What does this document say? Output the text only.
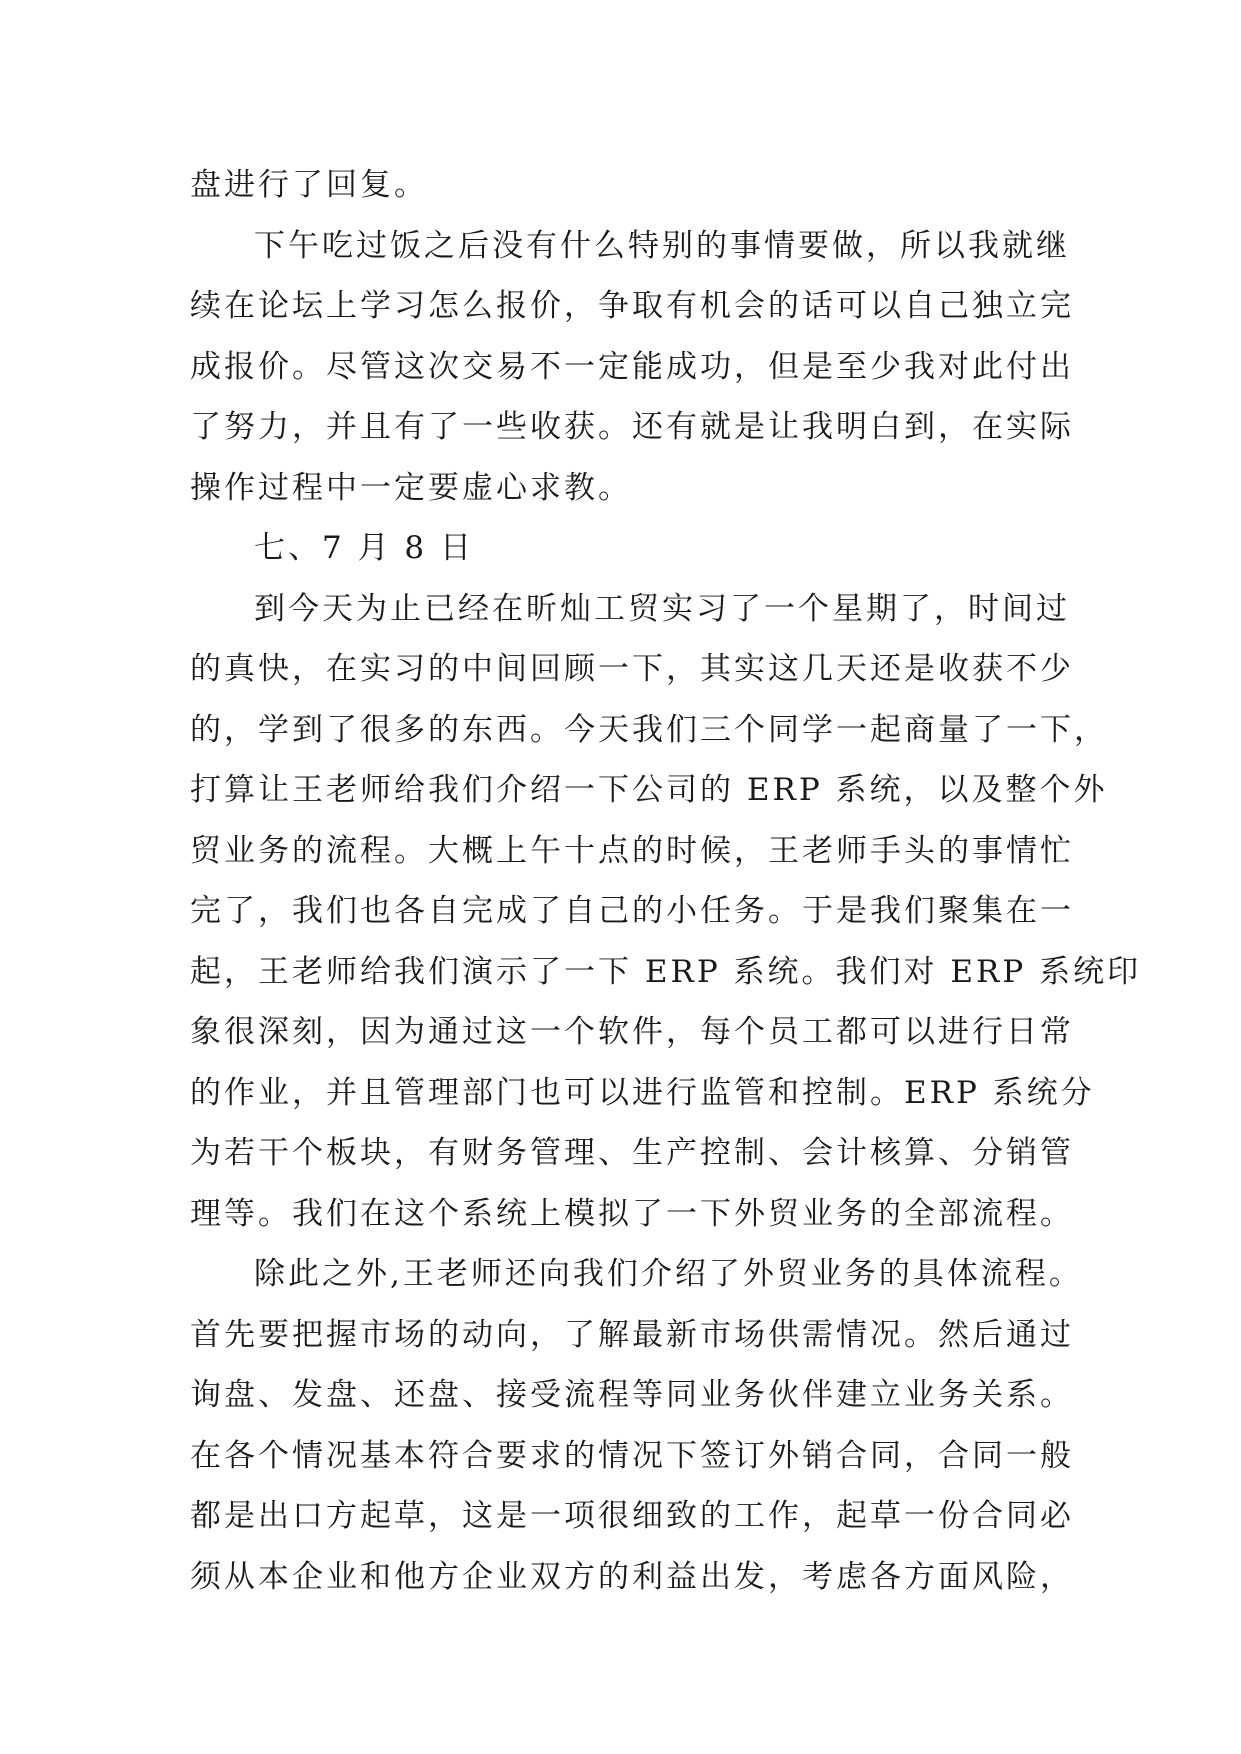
盘进行了回复。
下午吃过饭之后没有什么特别的事情要做，所以我就继
续在论坛上学习怎么报价，争取有机会的话可以自己独立完
成报价。尽管这次交易不一定能成功，但是至少我对此付出
了努力，并且有了一些收获。还有就是让我明白到，在实际
操作过程中一定要虚心求教。
七、7 月 8 日
到今天为止已经在昕灿工贸实习了一个星期了，时间过
的真快，在实习的中间回顾一下，其实这几天还是收获不少
的，学到了很多的东西。今天我们三个同学一起商量了一下，
打算让王老师给我们介绍一下公司的 ERP 系统，以及整个外
贸业务的流程。大概上午十点的时候，王老师手头的事情忙
完了，我们也各自完成了自己的小任务。于是我们聚集在一
起，王老师给我们演示了一下 ERP 系统。我们对 ERP 系统印
象很深刻，因为通过这一个软件，每个员工都可以进行日常
的作业，并且管理部门也可以进行监管和控制。ERP 系统分
为若干个板块，有财务管理、生产控制、会计核算、分销管
理等。我们在这个系统上模拟了一下外贸业务的全部流程。
除此之外,王老师还向我们介绍了外贸业务的具体流程。
首先要把握市场的动向，了解最新市场供需情况。然后通过
询盘、发盘、还盘、接受流程等同业务伙伴建立业务关系。
在各个情况基本符合要求的情况下签订外销合同，合同一般
都是出口方起草，这是一项很细致的工作，起草一份合同必
须从本企业和他方企业双方的利益出发，考虑各方面风险，
